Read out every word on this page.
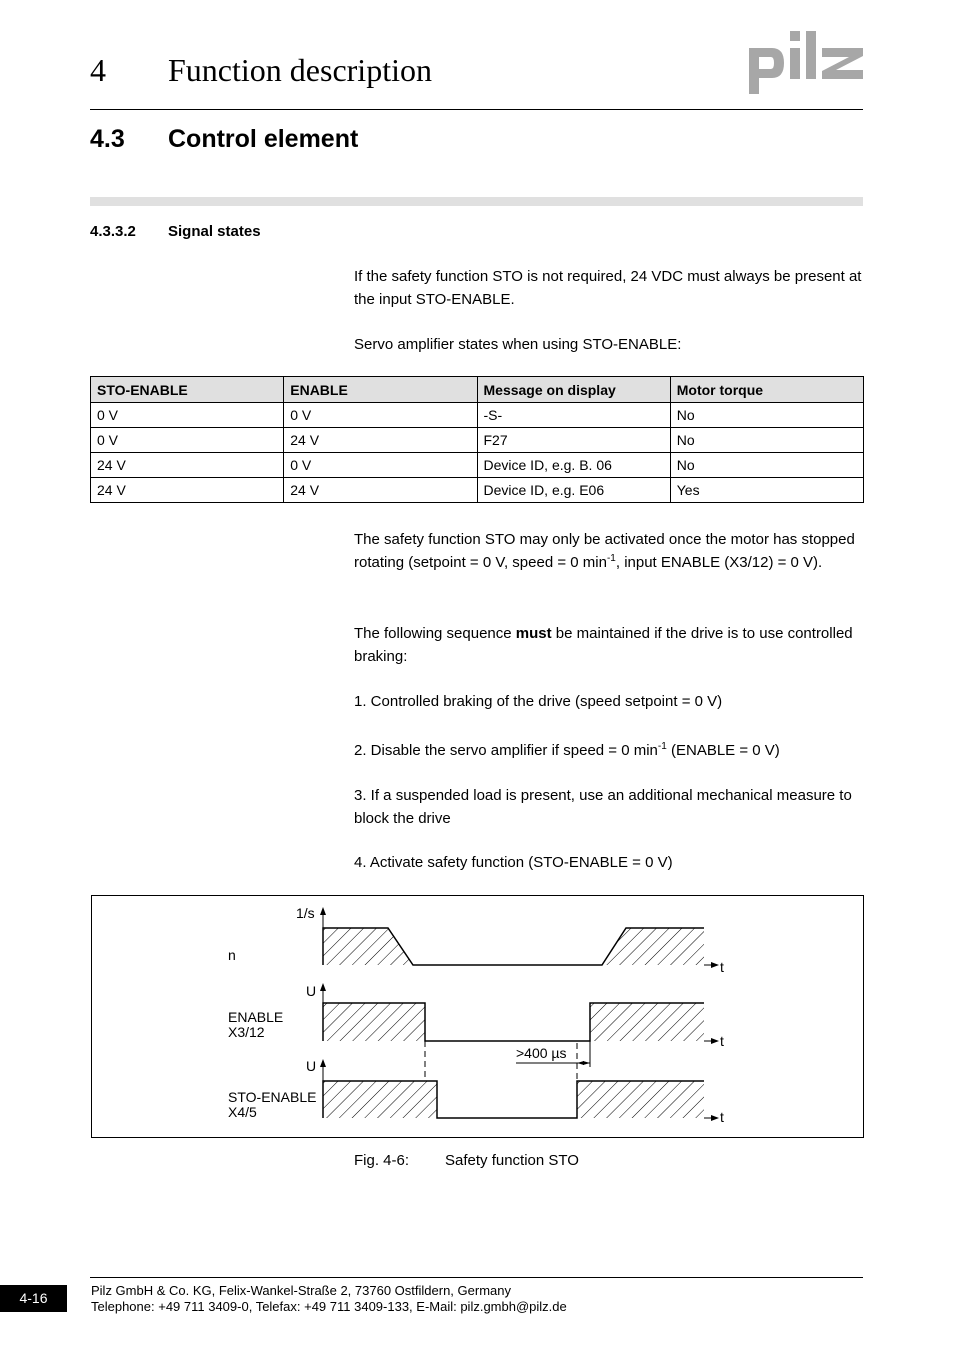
4 Function description
4.3 Control element
4.3.3.2 Signal states
If the safety function STO is not required, 24 VDC must always be present at the input STO-ENABLE.
Servo amplifier states when using STO-ENABLE:
STO-ENABLE	ENABLE	Message on display	Motor torque
0 V	0 V	-S-	No
0 V	24 V	F27	No
24 V	0 V	Device ID, e.g. B. 06	No
24 V	24 V	Device ID, e.g. E06	Yes
The safety function STO may only be activated once the motor has stopped rotating (setpoint = 0 V, speed = 0 $\min^{-1}$, input ENABLE (X3/12) = 0 V).
The following sequence must be maintained if the drive is to use controlled braking:
1. Controlled braking of the drive (speed setpoint = 0 V)
2. Disable the servo amplifier if speed = 0 $\min^{-1}$ (ENABLE = 0 V)
3. If a suspended load is present, use an additional mechanical measure to block the drive
4. Activate safety function (STO-ENABLE = 0 V)
1/s
n
t
U
ENABLE
X3/12
t
>400 µs
U
STO-ENABLE
X4/5	t
Fig. 4-6: Safety function STO
4-16	Pilz GmbH & Co. KG, Felix-Wankel-Straße 2, 73760 Ostfildern, Germany
Telephone: +49 711 3409-0, Telefax: +49 711 3409-133, E-Mail: pilz.gmbh@pilz.de
